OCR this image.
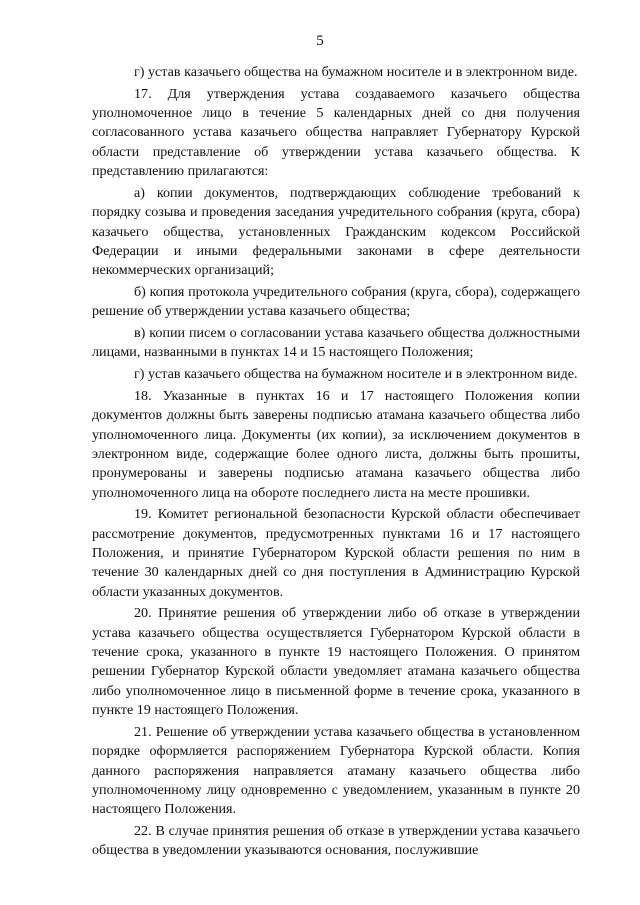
5

г) устав казачьего общества на бумажном носителе и в электронном виде.

17. Для утверждения устава создаваемого казачьего общества уполномоченное лицо в течение 5 календарных дней со дня получения согласованного устава казачьего общества направляет Губернатору Курской области представление об утверждении устава казачьего общества. К представлению прилагаются:

а) копии документов, подтверждающих соблюдение требований к порядку созыва и проведения заседания учредительного собрания (круга, сбора) казачьего общества, установленных Гражданским кодексом Российской Федерации и иными федеральными законами в сфере деятельности некоммерческих организаций;

б) копия протокола учредительного собрания (круга, сбора), содержащего решение об утверждении устава казачьего общества;

в) копии писем о согласовании устава казачьего общества должностными лицами, названными в пунктах 14 и 15 настоящего Положения;

г) устав казачьего общества на бумажном носителе и в электронном виде.

18. Указанные в пунктах 16 и 17 настоящего Положения копии документов должны быть заверены подписью атамана казачьего общества либо уполномоченного лица. Документы (их копии), за исключением документов в электронном виде, содержащие более одного листа, должны быть прошиты, пронумерованы и заверены подписью атамана казачьего общества либо уполномоченного лица на обороте последнего листа на месте прошивки.

19. Комитет региональной безопасности Курской области обеспечивает рассмотрение документов, предусмотренных пунктами 16 и 17 настоящего Положения, и принятие Губернатором Курской области решения по ним в течение 30 календарных дней со дня поступления в Администрацию Курской области указанных документов.

20. Принятие решения об утверждении либо об отказе в утверждении устава казачьего общества осуществляется Губернатором Курской области в течение срока, указанного в пункте 19 настоящего Положения. О принятом решении Губернатор Курской области уведомляет атамана казачьего общества либо уполномоченное лицо в письменной форме в течение срока, указанного в пункте 19 настоящего Положения.

21. Решение об утверждении устава казачьего общества в установленном порядке оформляется распоряжением Губернатора Курской области. Копия данного распоряжения направляется атаману казачьего общества либо уполномоченному лицу одновременно с уведомлением, указанным в пункте 20 настоящего Положения.

22. В случае принятия решения об отказе в утверждении устава казачьего общества в уведомлении указываются основания, послужившие
